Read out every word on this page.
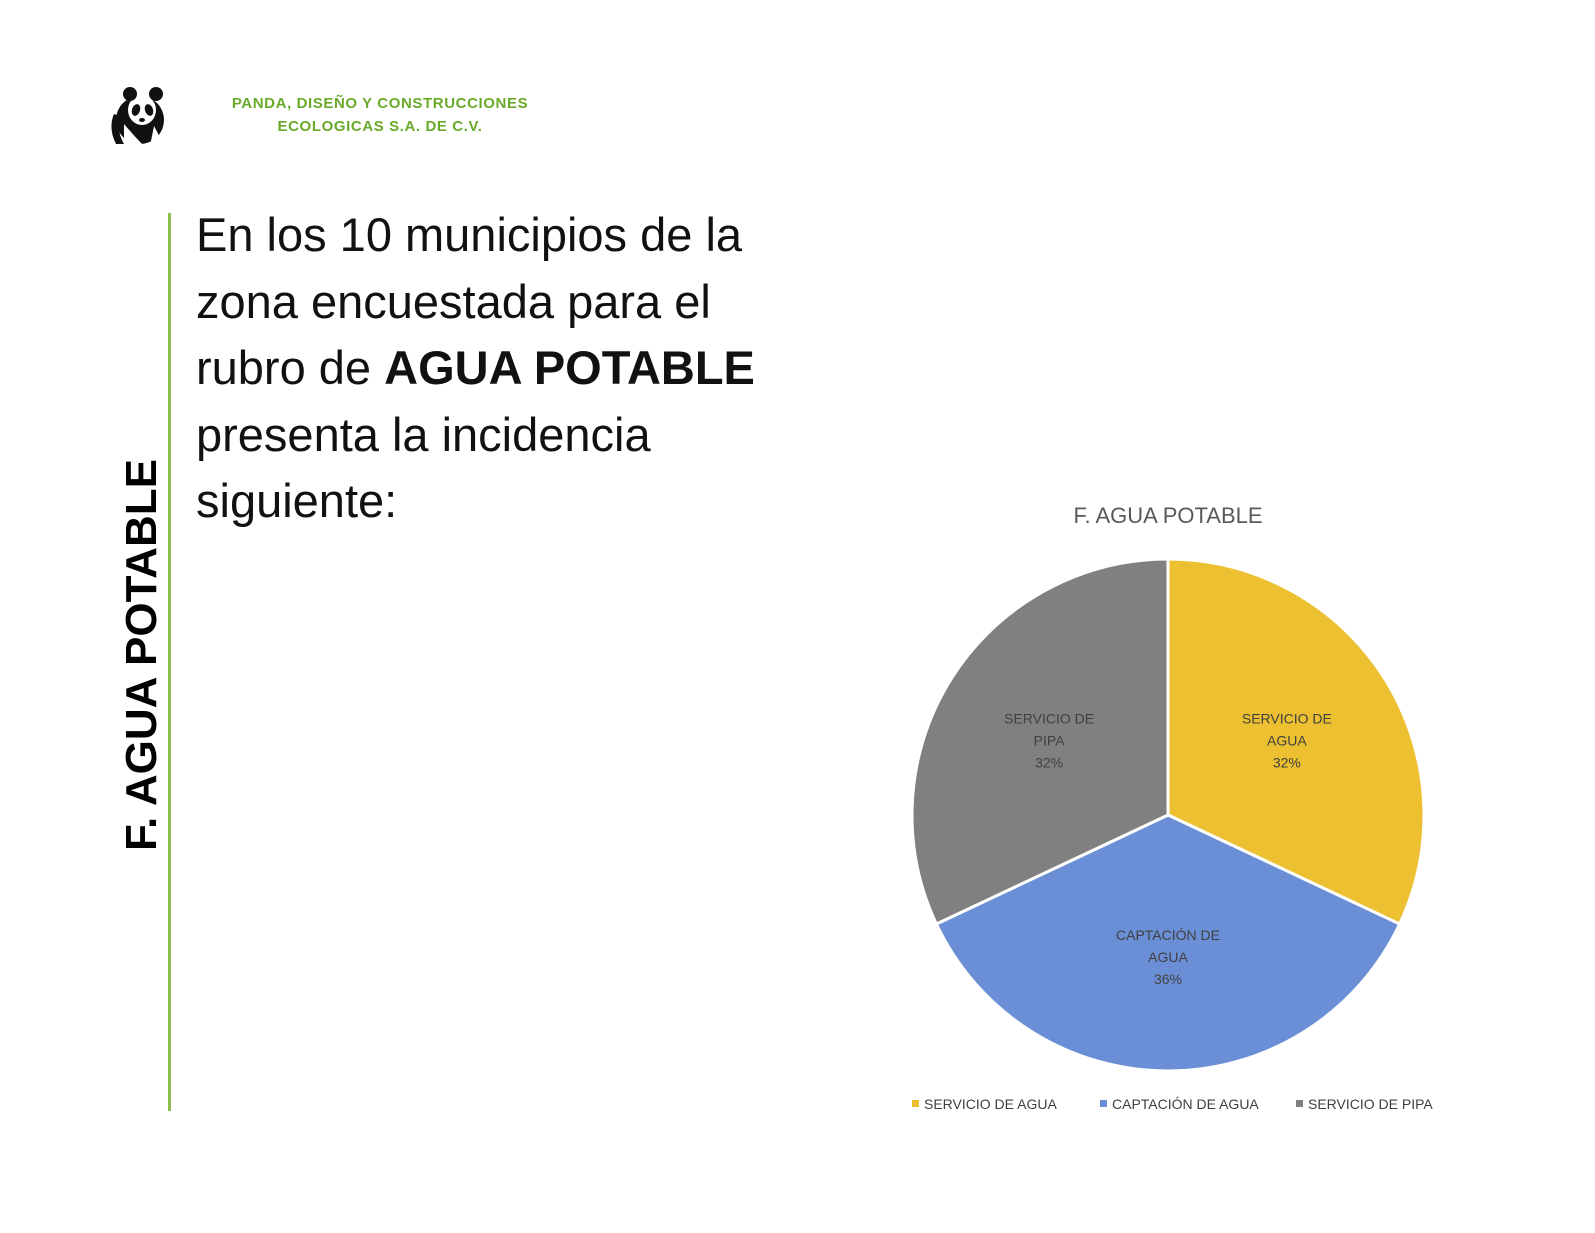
PANDA, DISEÑO Y CONSTRUCCIONES
ECOLOGICAS S.A. DE C.V.
F. AGUA POTABLE
En los 10 municipios de la
zona encuestada para el
rubro de AGUA POTABLE
presenta la incidencia
siguiente:	F. AGUA POTABLE
SERVICIO DE AGUA 32%
CAPTACIÓN DE AGUA 36%
SERVICIO DE PIPA 32%
SERVICIO DE AGUA	CAPTACIÓN DE AGUA	SERVICIO DE PIPA
